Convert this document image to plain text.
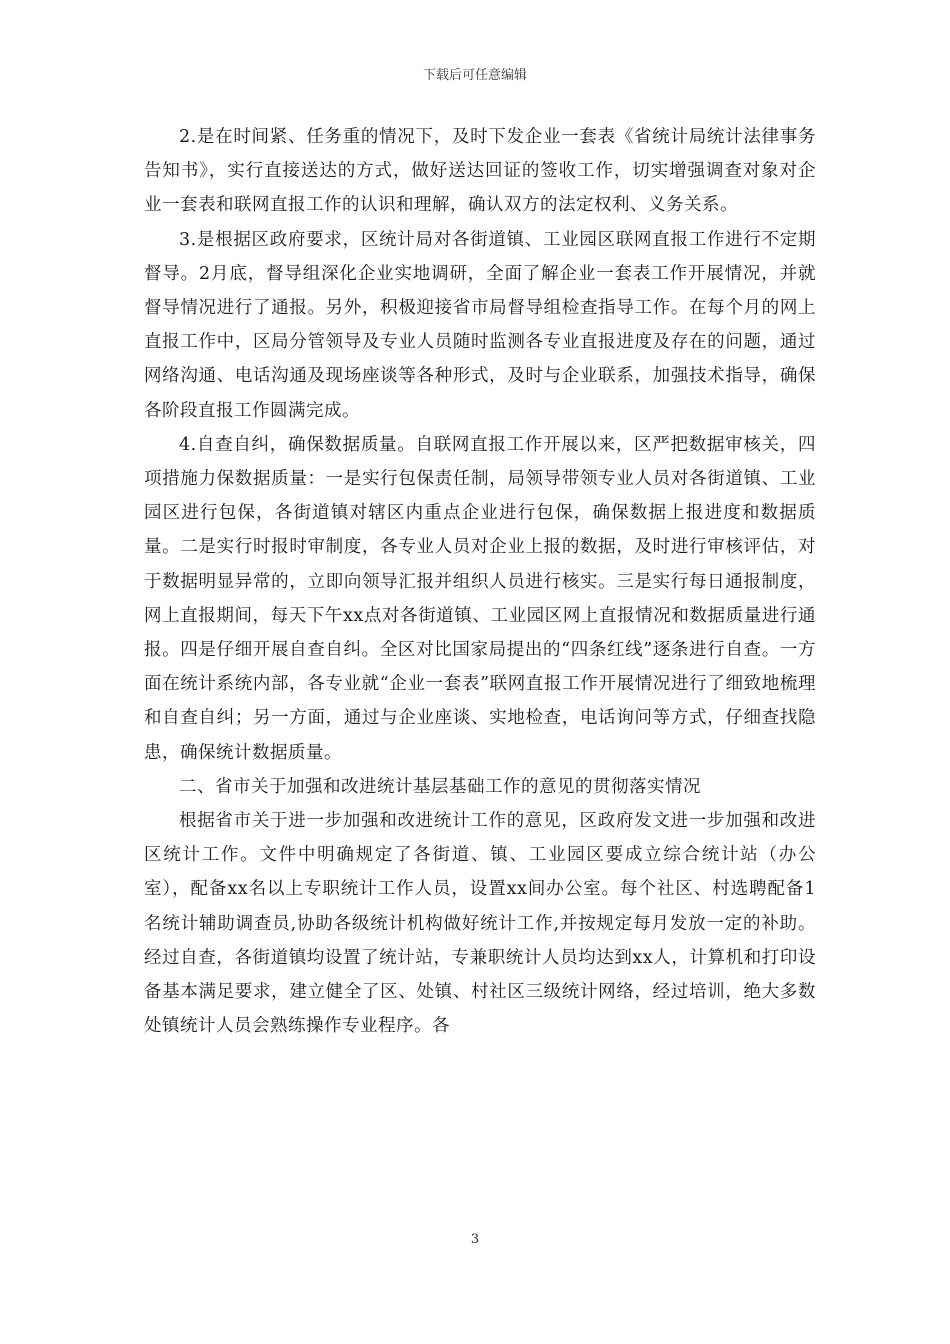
下载后可任意编辑

2.是在时间紧、任务重的情况下，及时下发企业一套表《省统计局统计法律事务告知书》，实行直接送达的方式，做好送达回证的签收工作，切实增强调查对象对企业一套表和联网直报工作的认识和理解，确认双方的法定权利、义务关系。

3.是根据区政府要求，区统计局对各街道镇、工业园区联网直报工作进行不定期督导。2月底，督导组深化企业实地调研，全面了解企业一套表工作开展情况，并就督导情况进行了通报。另外，积极迎接省市局督导组检查指导工作。在每个月的网上直报工作中，区局分管领导及专业人员随时监测各专业直报进度及存在的问题，通过网络沟通、电话沟通及现场座谈等各种形式，及时与企业联系，加强技术指导，确保各阶段直报工作圆满完成。

4.自查自纠，确保数据质量。自联网直报工作开展以来，区严把数据审核关，四项措施力保数据质量：一是实行包保责任制，局领导带领专业人员对各街道镇、工业园区进行包保，各街道镇对辖区内重点企业进行包保，确保数据上报进度和数据质量。二是实行时报时审制度，各专业人员对企业上报的数据，及时进行审核评估，对于数据明显异常的，立即向领导汇报并组织人员进行核实。三是实行每日通报制度，网上直报期间，每天下午xx点对各街道镇、工业园区网上直报情况和数据质量进行通报。四是仔细开展自查自纠。全区对比国家局提出的“四条红线”逐条进行自查。一方面在统计系统内部，各专业就“企业一套表”联网直报工作开展情况进行了细致地梳理和自查自纠；另一方面，通过与企业座谈、实地检查，电话询问等方式，仔细查找隐患，确保统计数据质量。

二、省市关于加强和改进统计基层基础工作的意见的贯彻落实情况

根据省市关于进一步加强和改进统计工作的意见，区政府发文进一步加强和改进区统计工作。文件中明确规定了各街道、镇、工业园区要成立综合统计站（办公室），配备xx名以上专职统计工作人员，设置xx间办公室。每个社区、村选聘配备1名统计辅助调查员,协助各级统计机构做好统计工作,并按规定每月发放一定的补助。经过自查，各街道镇均设置了统计站，专兼职统计人员均达到xx人，计算机和打印设备基本满足要求，建立健全了区、处镇、村社区三级统计网络，经过培训，绝大多数处镇统计人员会熟练操作专业程序。各

3
